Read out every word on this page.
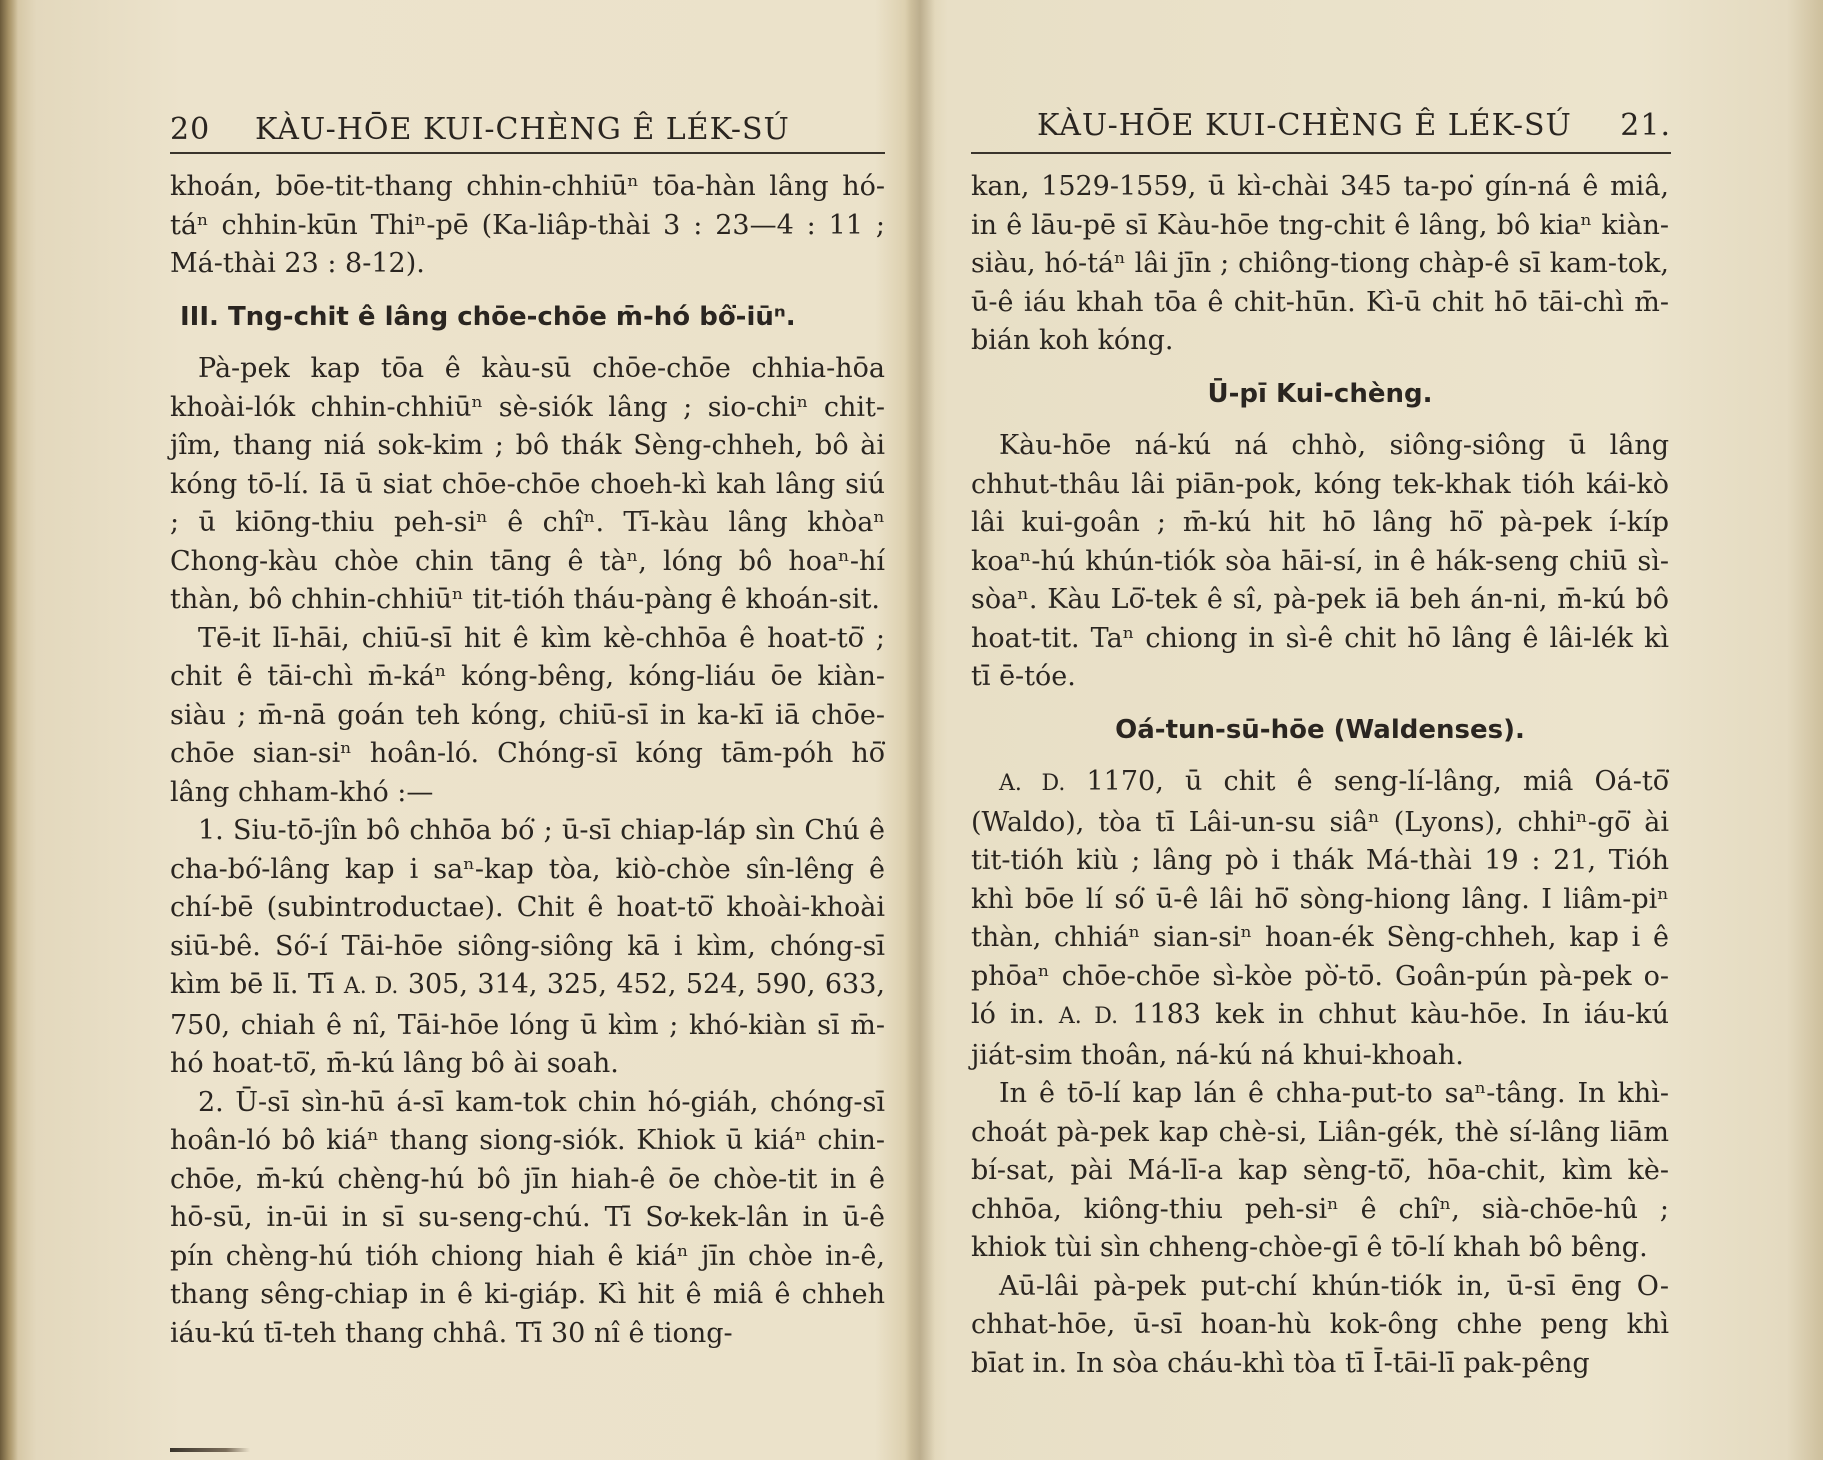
20 KÀU-HŌE KUI-CHÈNG Ê LÉK-SÚ

khoán, bōe-tit-thang chhin-chhiūⁿ tōa-hàn lâng hó-táⁿ chhin-kūn Thiⁿ-pē (Ka-liâp-thài 3 : 23—4 : 11 ; Má-thài 23 : 8-12).

III. Tng-chit ê lâng chōe-chōe m̄-hó bô͘-iūⁿ.

Pà-pek kap tōa ê kàu-sū chōe-chōe chhia-hōa khoài-lók chhin-chhiūⁿ sè-siók lâng ; sio-chiⁿ chit-jîm, thang niá sok-kim ; bô thák Sèng-chheh, bô ài kóng tō-lí. Iā ū siat chōe-chōe choeh-kì kah lâng siú ; ū kiōng-thiu peh-siⁿ ê chîⁿ. Tī-kàu lâng khòaⁿ Chong-kàu chòe chin tāng ê tàⁿ, lóng bô hoaⁿ-hí thàn, bô chhin-chhiūⁿ tit-tióh tháu-pàng ê khoán-sit.

Tē-it lī-hāi, chiū-sī hit ê kìm kè-chhōa ê hoat-tō͘ ; chit ê tāi-chì m̄-káⁿ kóng-bêng, kóng-liáu ōe kiàn-siàu ; m̄-nā goán teh kóng, chiū-sī in ka-kī iā chōe-chōe sian-siⁿ hoân-ló. Chóng-sī kóng tām-póh hō͘ lâng chham-khó :—

1. Siu-tō-jîn bô chhōa bó͘ ; ū-sī chiap-láp sìn Chú ê cha-bó͘-lâng kap i saⁿ-kap tòa, kiò-chòe sîn-lêng ê chí-bē (subintroductae). Chit ê hoat-tō͘ khoài-khoài siū-bê. Só͘-í Tāi-hōe siông-siông kā i kìm, chóng-sī kìm bē lī. Tī A. D. 305, 314, 325, 452, 524, 590, 633, 750, chiah ê nî, Tāi-hōe lóng ū kìm ; khó-kiàn sī m̄-hó hoat-tō͘, m̄-kú lâng bô ài soah.

2. Ū-sī sìn-hū á-sī kam-tok chin hó-giáh, chóng-sī hoân-ló bô kiáⁿ thang siong-siók. Khiok ū kiáⁿ chin-chōe, m̄-kú chèng-hú bô jīn hiah-ê ōe chòe-tit in ê hō-sū, in-ūi in sī su-seng-chú. Tī Sơ-kek-lân in ū-ê pín chèng-hú tióh chiong hiah ê kiáⁿ jīn chòe in-ê, thang sêng-chiap in ê ki-giáp. Kì hit ê miâ ê chheh iáu-kú tī-teh thang chhâ. Tī 30 nî ê tiong-

KÀU-HŌE KUI-CHÈNG Ê LÉK-SÚ 21.

kan, 1529-1559, ū kì-chài 345 ta-po͘ gín-ná ê miâ, in ê lāu-pē sī Kàu-hōe tng-chit ê lâng, bô kiaⁿ kiàn-siàu, hó-táⁿ lâi jīn ; chiông-tiong chàp-ê sī kam-tok, ū-ê iáu khah tōa ê chit-hūn. Kì-ū chit hō tāi-chì m̄-bián koh kóng.

Ū-pī Kui-chèng.

Kàu-hōe ná-kú ná chhò, siông-siông ū lâng chhut-thâu lâi piān-pok, kóng tek-khak tióh kái-kò lâi kui-goân ; m̄-kú hit hō lâng hō͘ pà-pek í-kíp koaⁿ-hú khún-tiók sòa hāi-sí, in ê hák-seng chiū sì-sòaⁿ. Kàu Lō͘-tek ê sî, pà-pek iā beh án-ni, m̄-kú bô hoat-tit. Taⁿ chiong in sì-ê chit hō lâng ê lâi-lék kì tī ē-tóe.

Oá-tun-sū-hōe (Waldenses).

A. D. 1170, ū chit ê seng-lí-lâng, miâ Oá-tō͘ (Waldo), tòa tī Lâi-un-su siâⁿ (Lyons), chhiⁿ-gō͘ ài tit-tióh kiù ; lâng pò i thák Má-thài 19 : 21, Tióh khì bōe lí só͘ ū-ê lâi hō͘ sòng-hiong lâng. I liâm-piⁿ thàn, chhiáⁿ sian-siⁿ hoan-ék Sèng-chheh, kap i ê phōaⁿ chōe-chōe sì-kòe pò͘-tō. Goân-pún pà-pek o-ló in. A. D. 1183 kek in chhut kàu-hōe. In iáu-kú jiát-sim thoân, ná-kú ná khui-khoah.

In ê tō-lí kap lán ê chha-put-to saⁿ-tâng. In khì-choát pà-pek kap chè-si, Liân-gék, thè sí-lâng liām bí-sat, pài Má-lī-a kap sèng-tō͘, hōa-chit, kìm kè-chhōa, kiông-thiu peh-siⁿ ê chîⁿ, sià-chōe-hû ; khiok tùi sìn chheng-chòe-gī ê tō-lí khah bô bêng.

Aū-lâi pà-pek put-chí khún-tiók in, ū-sī ēng O-chhat-hōe, ū-sī hoan-hù kok-ông chhe peng khì bīat in. In sòa cháu-khì tòa tī Ī-tāi-lī pak-pêng
